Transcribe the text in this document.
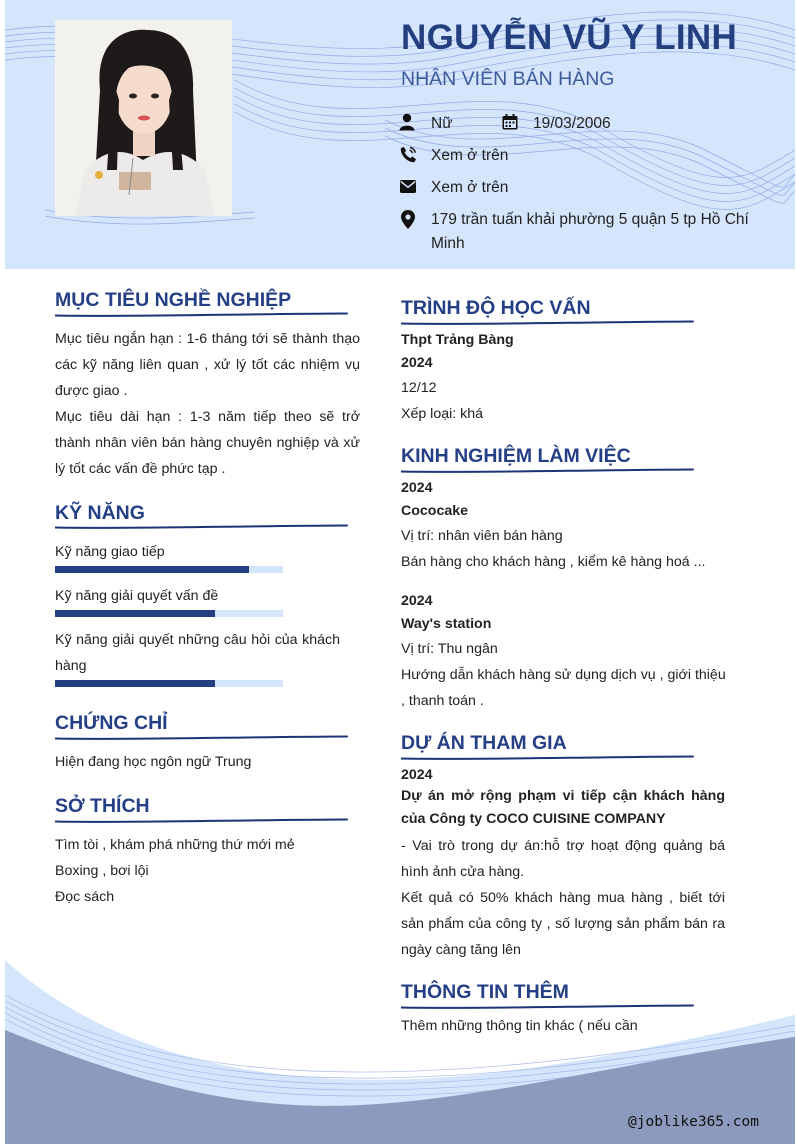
NGUYỄN VŨ Y LINH
NHÂN VIÊN BÁN HÀNG
Nữ	19/03/2006
Xem ở trên
Xem ở trên
179 trần tuấn khải phường 5 quận 5 tp Hồ Chí Minh
MỤC TIÊU NGHỀ NGHIỆP
Mục tiêu ngắn hạn : 1-6 tháng tới sẽ thành thạo các kỹ năng liên quan , xử lý tốt các nhiệm vụ được giao .
Mục tiêu dài hạn : 1-3 năm tiếp theo sẽ trở thành nhân viên bán hàng chuyên nghiệp và xử lý tốt các vấn đề phức tạp .
KỸ NĂNG
Kỹ năng giao tiếp
Kỹ năng giải quyết vấn đề
Kỹ năng giải quyết những câu hỏi của khách hàng
CHỨNG CHỈ
Hiện đang học ngôn ngữ Trung
SỞ THÍCH
Tìm tòi , khám phá những thứ mới mẻ
Boxing , bơi lội
Đọc sách
TRÌNH ĐỘ HỌC VẤN
Thpt Trảng Bàng
2024
12/12
Xếp loại: khá
KINH NGHIỆM LÀM VIỆC
2024
Cococake
Vị trí: nhân viên bán hàng
Bán hàng cho khách hàng , kiểm kê hàng hoá ...
2024
Way's station
Vị trí: Thu ngân
Hướng dẫn khách hàng sử dụng dịch vụ , giới thiệu , thanh toán .
DỰ ÁN THAM GIA
2024
Dự án mở rộng phạm vi tiếp cận khách hàng của Công ty COCO CUISINE COMPANY
- Vai trò trong dự án:hỗ trợ hoạt động quảng bá hình ảnh cửa hàng.
Kết quả có 50% khách hàng mua hàng , biết tới sản phẩm của công ty , số lượng sản phẩm bán ra ngày càng tăng lên
THÔNG TIN THÊM
Thêm những thông tin khác ( nếu cần
@joblike365.com
